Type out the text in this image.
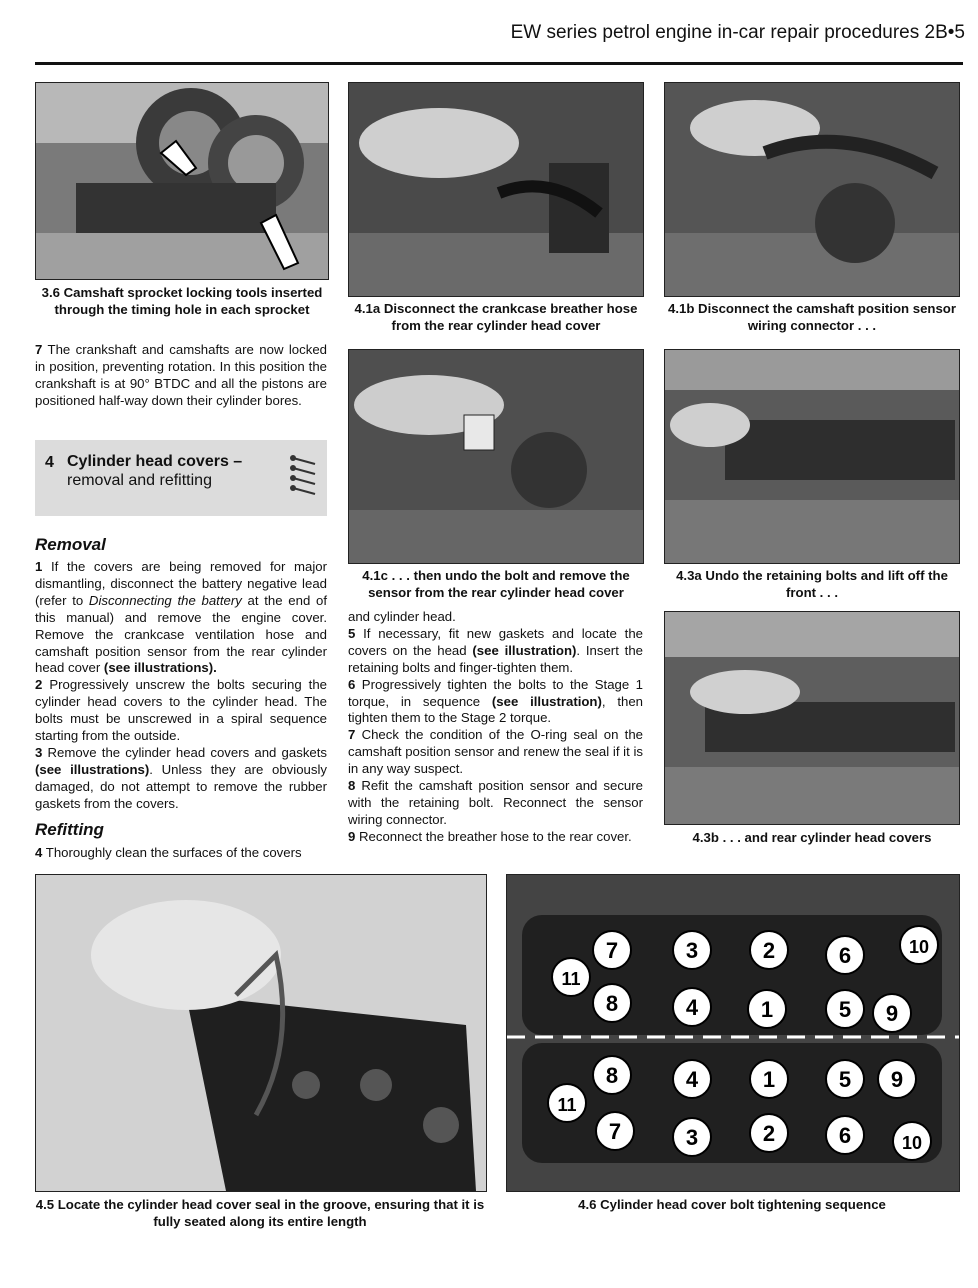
EW series petrol engine in-car repair procedures 2B•5
3.6 Camshaft sprocket locking tools inserted through the timing hole in each sprocket	4.1a Disconnect the crankcase breather hose from the rear cylinder head cover
4.1b Disconnect the camshaft position sensor wiring connector . . .

7 The crankshaft and camshafts are now locked in position, preventing rotation. In this position the crankshaft is at 90° BTDC and all the pistons are positioned half-way down their cylinder bores.

4 Cylinder head covers –
removal and refitting
Removal

1 If the covers are being removed for major dismantling, disconnect the battery negative lead (refer to Disconnecting the battery at the end of this manual) and remove the engine cover. Remove the crankcase ventilation hose and camshaft position sensor from the rear cylinder head cover (see illustrations).

2 Progressively unscrew the bolts securing the cylinder head covers to the cylinder head. The bolts must be unscrewed in a spiral sequence starting from the outside.

3 Remove the cylinder head covers and gaskets (see illustrations). Unless they are obviously damaged, do not attempt to remove the rubber gaskets from the covers.

Refitting

4 Thoroughly clean the surfaces of the covers

4.1c . . . then undo the bolt and remove the sensor from the rear cylinder head cover
4.3a Undo the retaining bolts and lift off the front . . .

and cylinder head.

5 If necessary, fit new gaskets and locate the covers on the head (see illustration). Insert the retaining bolts and finger-tighten them.

6 Progressively tighten the bolts to the Stage 1 torque, in sequence (see illustration), then tighten them to the Stage 2 torque.

7 Check the condition of the O-ring seal on the camshaft position sensor and renew the seal if it is in any way suspect.

8 Refit the camshaft position sensor and secure with the retaining bolt. Reconnect the sensor wiring connector.

9 Reconnect the breather hose to the rear cover.	4.3b . . . and rear cylinder head covers
4.5 Locate the cylinder head cover seal in the groove, ensuring that it is fully seated along its entire length
7	3	2	6	10
11
8	4	1	5 9
8	4	1	5 9
11
7	3	2	6	10
4.6 Cylinder head cover bolt tightening sequence
